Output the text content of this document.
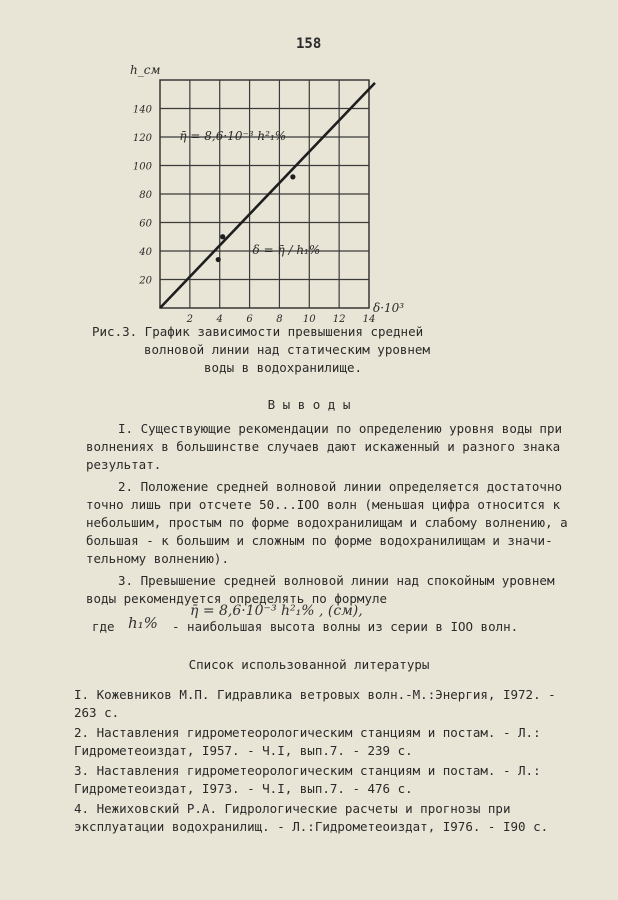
158
2 4 6 8 10 12 14
20
40
60
80
100
120
140
h_см
δ·10³
η̄ = 8,6·10⁻³ h²₁%
δ = η̄ / h₁%
Рис.3. График зависимости превышения средней
волновой линии над статическим уровнем
воды в водохранилище.
В ы в о д ы
I. Существующие рекомендации по определению уровня воды при
волнениях в большинстве случаев дают искаженный и разного знака
результат.
2. Положение средней волновой линии определяется достаточно
точно лишь при отсчете 50...IOO волн (меньшая цифра относится к
небольшим, простым по форме водохранилищам и слабому волнению, а
большая - к большим и сложным по форме водохранилищам и значи-
тельному волнению).
3. Превышение средней волновой линии над спокойным уровнем
воды рекомендуется определять по формуле
η̄ = 8,6·10⁻³ h²₁% , (см),
где h₁% - наибольшая высота волны из серии в IOO волн.
Список использованной литературы
I. Кожевников М.П. Гидравлика ветровых волн.-М.:Энергия, I972. -
263 с.
2. Наставления гидрометеорологическим станциям и постам. - Л.:
Гидрометеоиздат, I957. - Ч.I, вып.7. - 239 с.
3. Наставления гидрометеорологическим станциям и постам. - Л.:
Гидрометеоиздат, I973. - Ч.I, вып.7. - 476 с.
4. Нежиховский Р.А. Гидрологические расчеты и прогнозы при
эксплуатации водохранилищ. - Л.:Гидрометеоиздат, I976. - I90 с.
